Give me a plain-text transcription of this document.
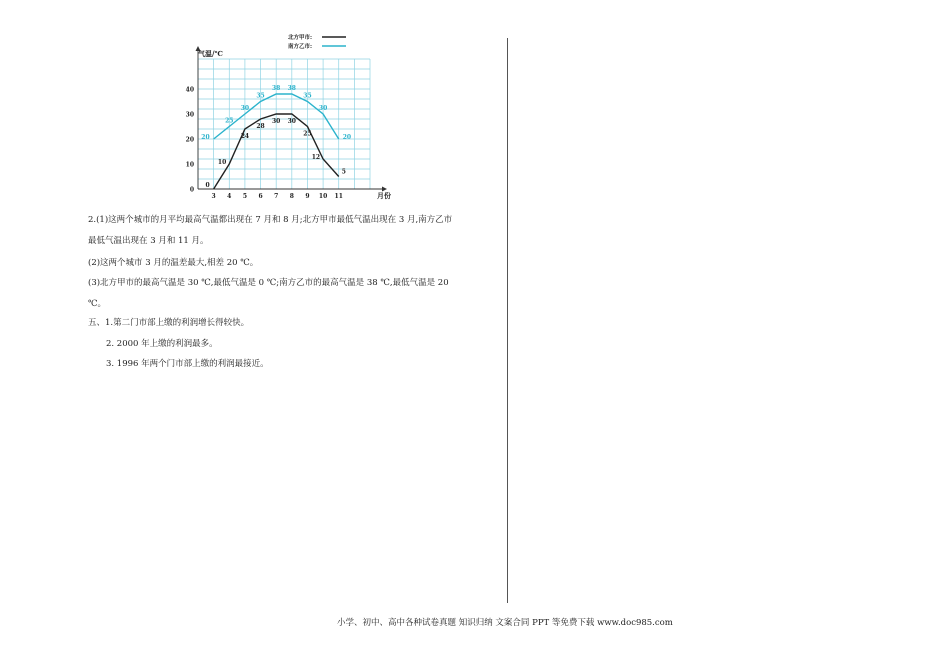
0
10
20
30
40
3 4 5 6 7 8 9 10 11
0
10
24
28
30 30
25
12
5
20
25
30
35
38 38
35
30
20
北方甲市:
南方乙市:
气温/℃
月份
2.(1)这两个城市的月平均最高气温都出现在 7 月和 8 月;北方甲市最低气温出现在 3 月,南方乙市
最低气温出现在 3 月和 11 月。
(2)这两个城市 3 月的温差最大,相差 20 ℃。
(3)北方甲市的最高气温是 30 ℃,最低气温是 0 ℃;南方乙市的最高气温是 38 ℃,最低气温是 20
℃。
五、1.第二门市部上缴的利润增长得较快。
2. 2000 年上缴的利润最多。
3. 1996 年两个门市部上缴的利润最接近。
小学、初中、高中各种试卷真题 知识归纳 文案合同 PPT 等免费下载 www.doc985.com
